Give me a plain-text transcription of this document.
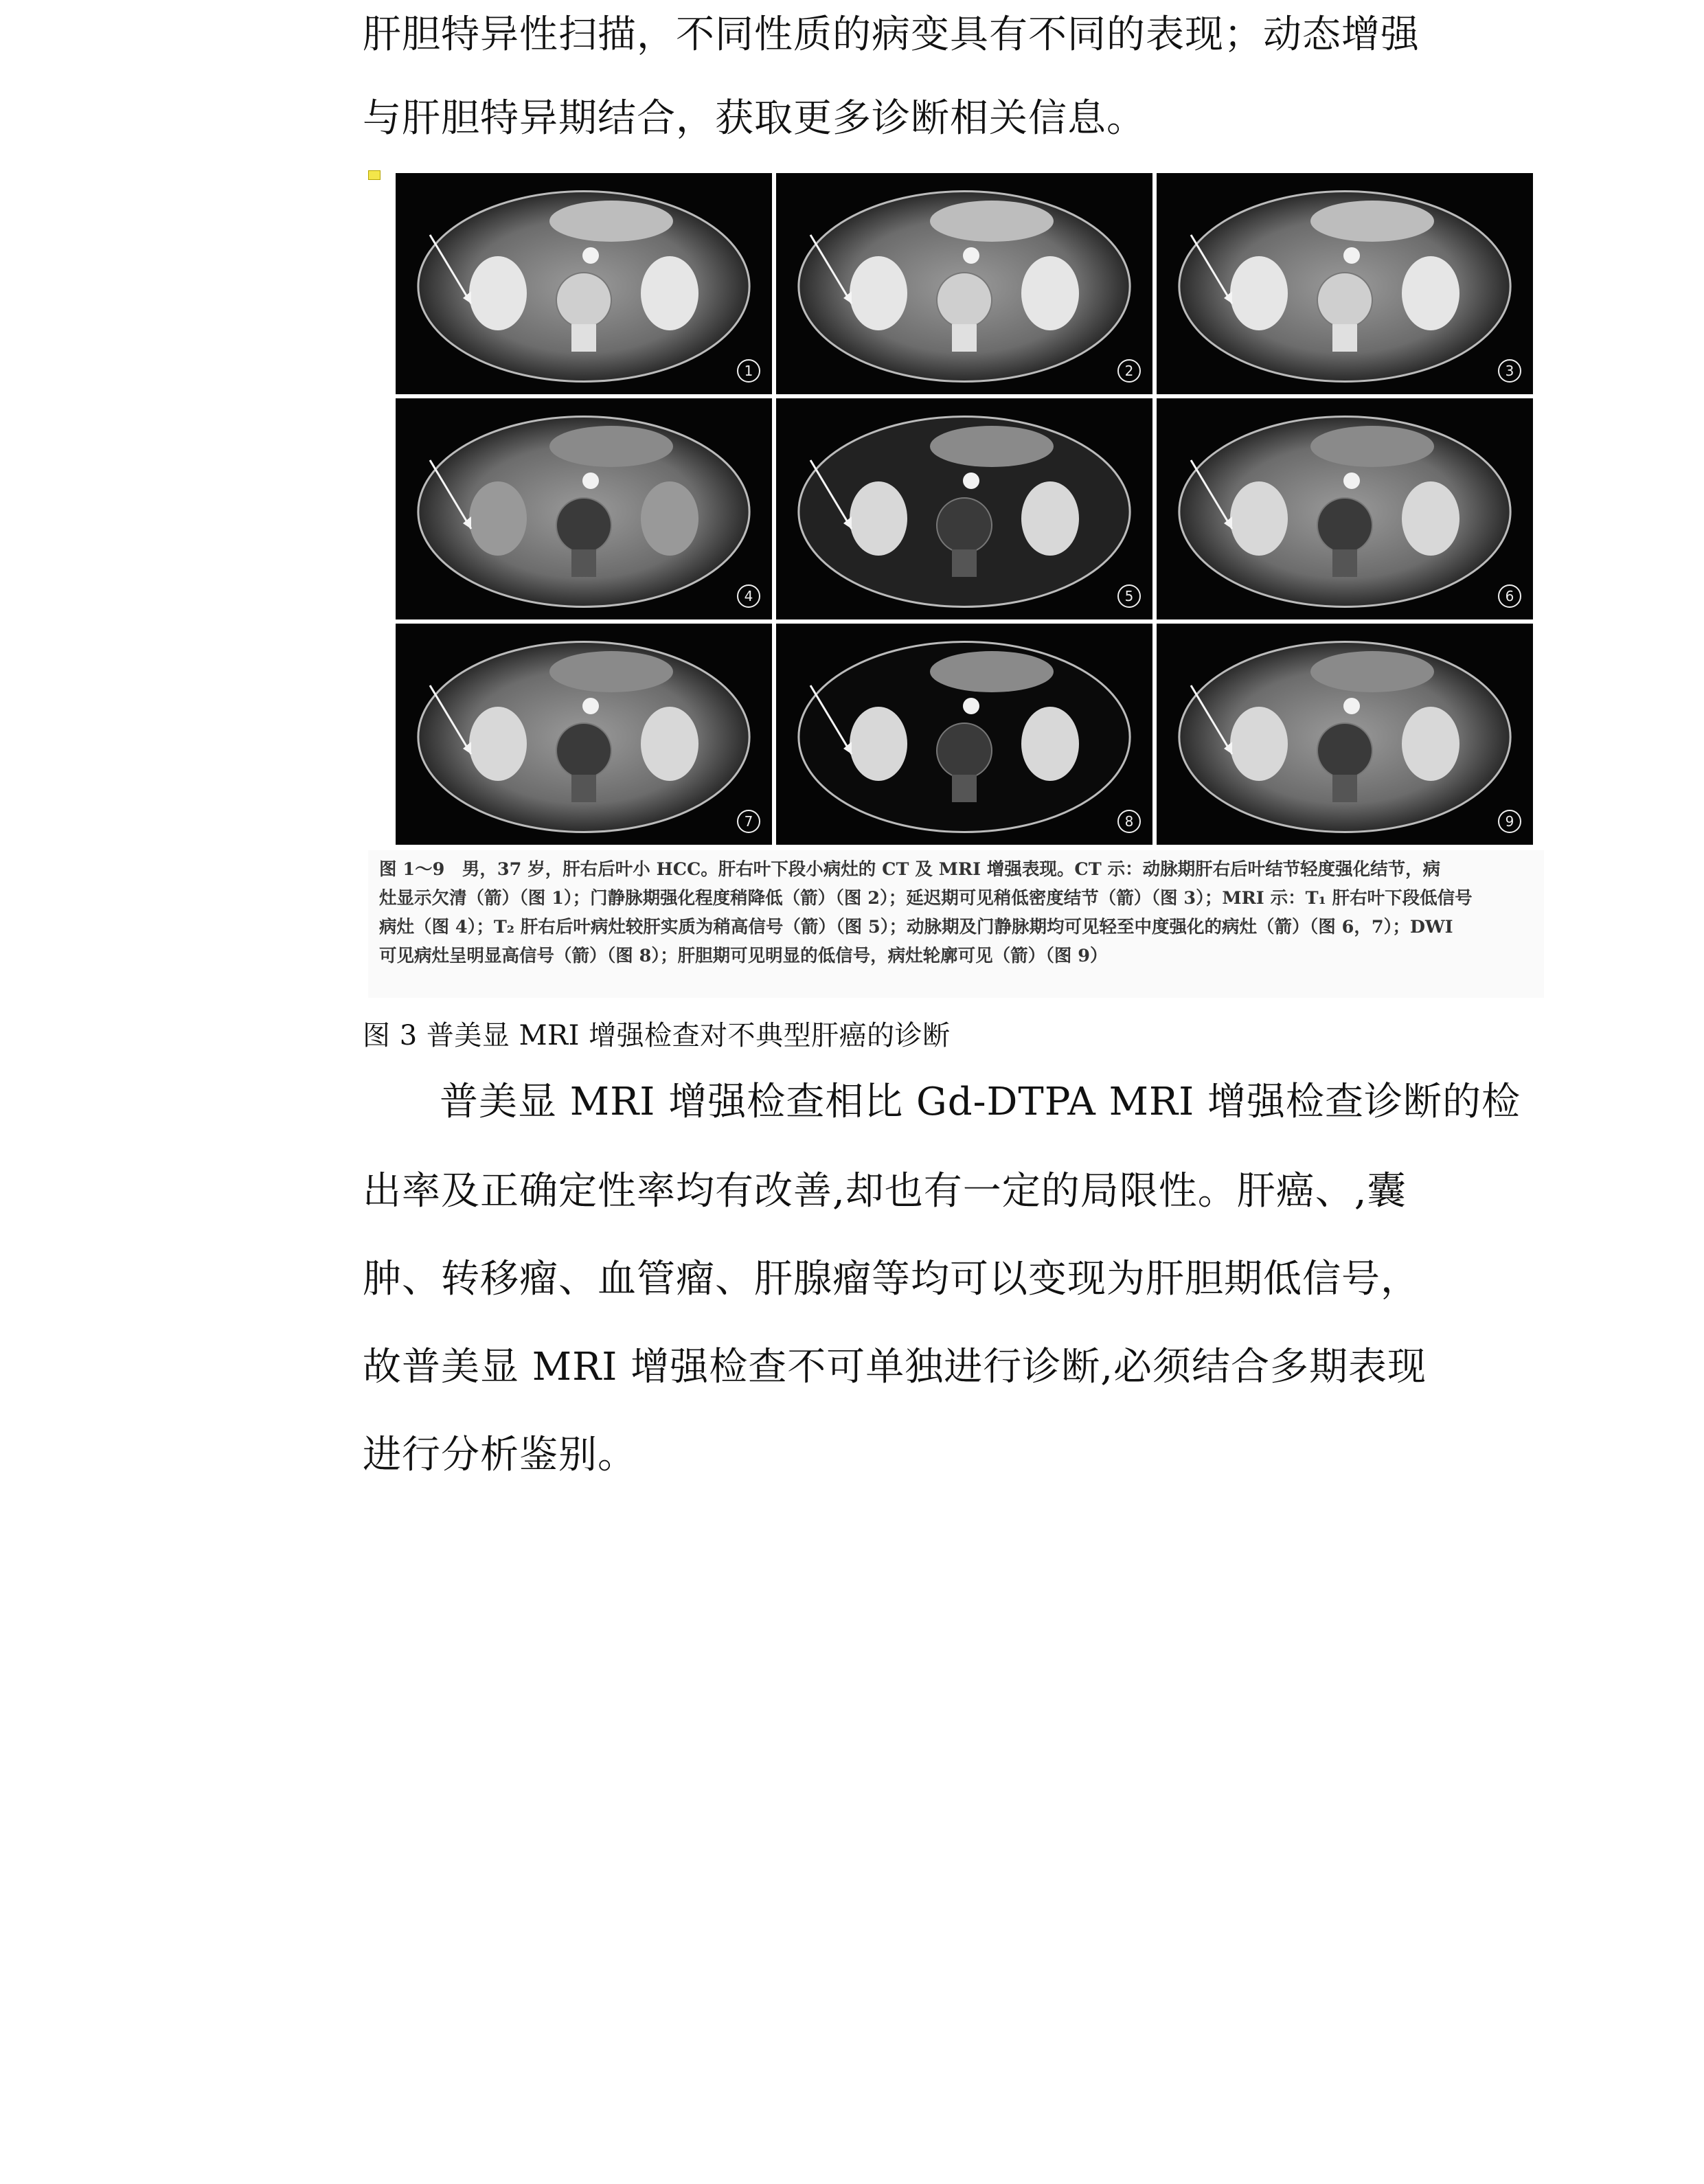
肝胆特异性扫描，不同性质的病变具有不同的表现；动态增强
与肝胆特异期结合，获取更多诊断相关信息。
1	2	3
4	5	6
7	8	9
图 1～9　男，37 岁，肝右后叶小 HCC。肝右叶下段小病灶的 CT 及 MRI 增强表现。CT 示：动脉期肝右后叶结节轻度强化结节，病
灶显示欠清（箭）（图 1）；门静脉期强化程度稍降低（箭）（图 2）；延迟期可见稍低密度结节（箭）（图 3）；MRI 示：T₁ 肝右叶下段低信号
病灶（图 4）；T₂ 肝右后叶病灶较肝实质为稍高信号（箭）（图 5）；动脉期及门静脉期均可见轻至中度强化的病灶（箭）（图 6，7）；DWI
可见病灶呈明显高信号（箭）（图 8）；肝胆期可见明显的低信号，病灶轮廓可见（箭）（图 9）
图 3 普美显 MRI 增强检查对不典型肝癌的诊断
普美显 MRI 增强检查相比 Gd-DTPA MRI 增强检查诊断的检
出率及正确定性率均有改善,却也有一定的局限性。肝癌、,囊
肿、转移瘤、血管瘤、肝腺瘤等均可以变现为肝胆期低信号，
故普美显 MRI 增强检查不可单独进行诊断,必须结合多期表现
进行分析鉴别。
